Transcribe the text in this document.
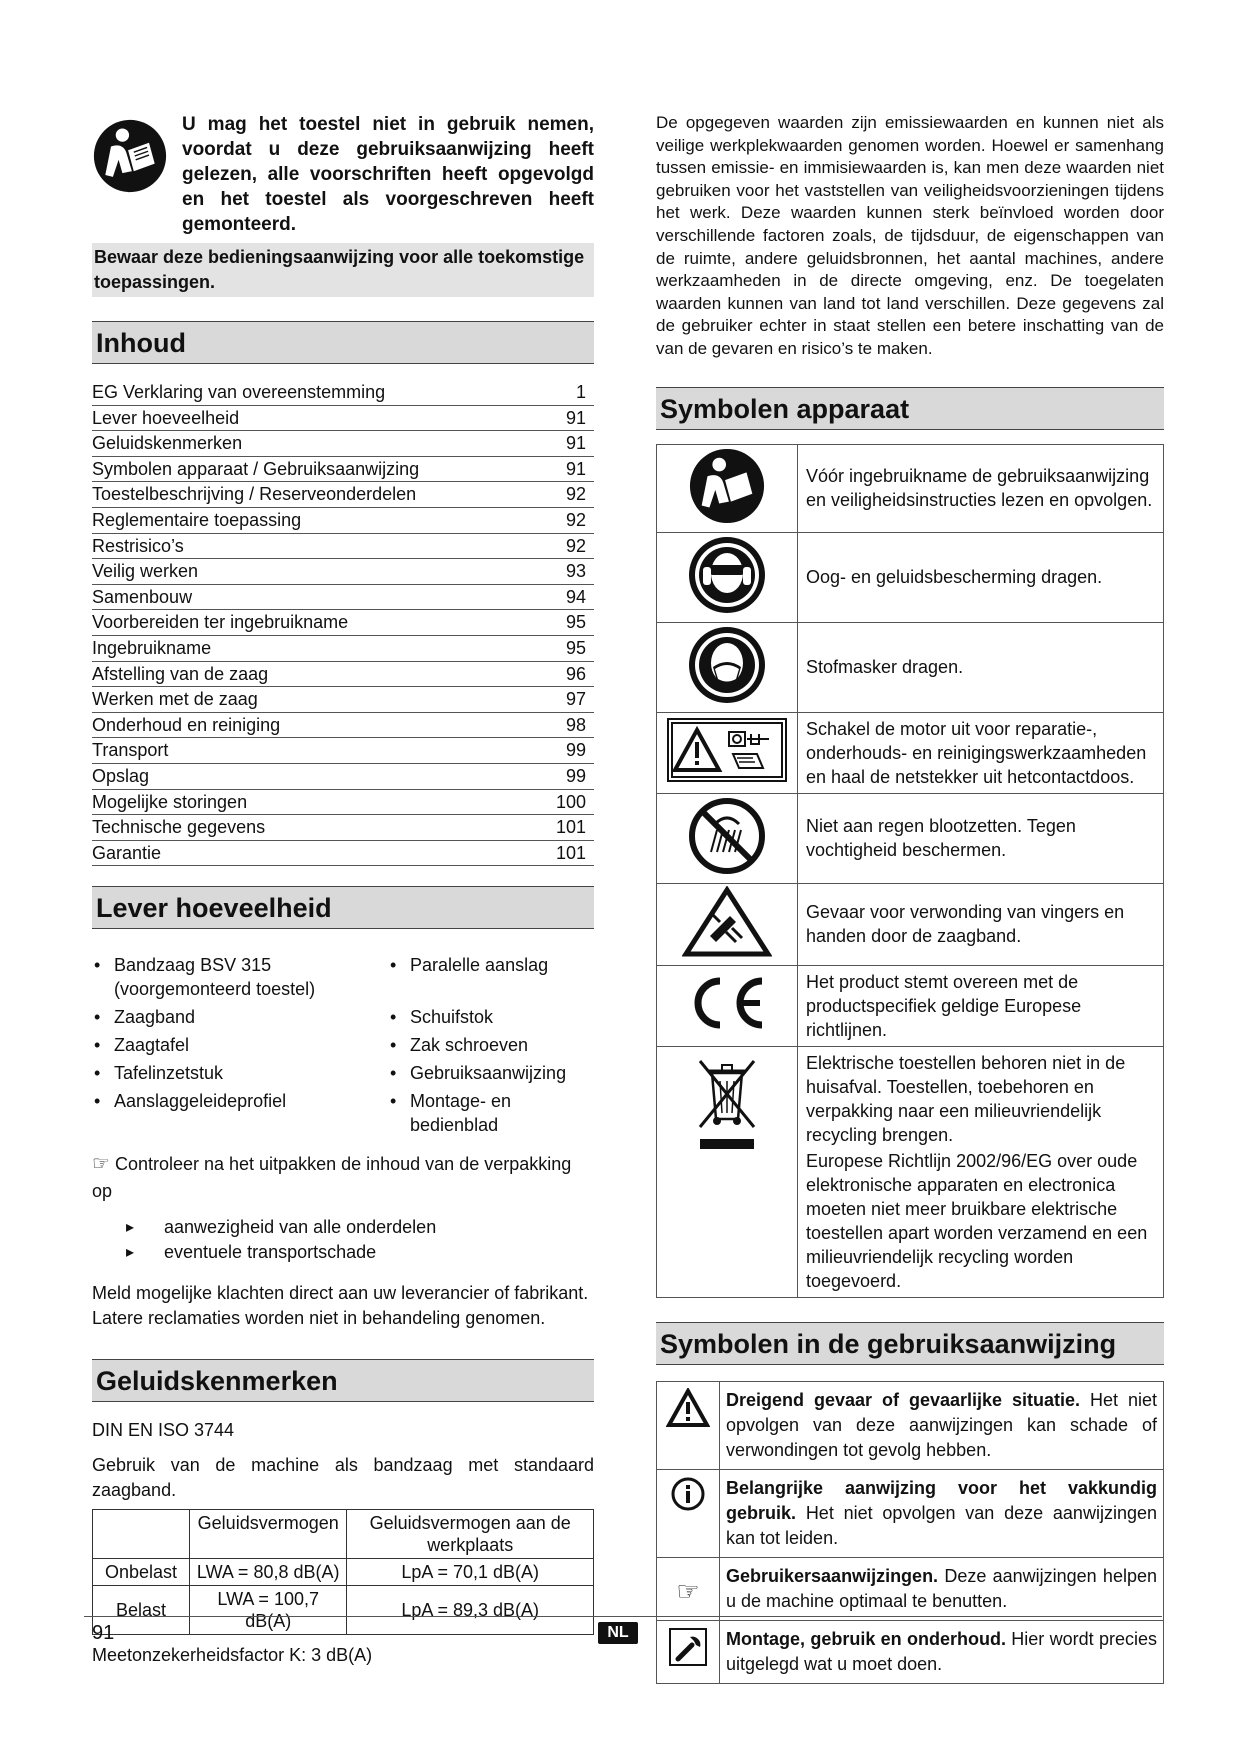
U mag het toestel niet in gebruik nemen, voordat u deze gebruiksaanwijzing heeft gelezen, alle voorschriften heeft opgevolgd en het toestel als voorgeschreven heeft gemonteerd.

Bewaar deze bedieningsaanwijzing voor alle toekomstige toepassingen.

Inhoud
EG Verklaring van overeenstemming	1
Lever hoeveelheid	91
Geluidskenmerken	91
Symbolen apparaat / Gebruiksaanwijzing	91
Toestelbeschrijving / Reserveonderdelen	92
Reglementaire toepassing	92
Restrisico’s	92
Veilig werken	93
Samenbouw	94
Voorbereiden ter ingebruikname	95
Ingebruikname	95
Afstelling van de zaag	96
Werken met de zaag	97
Onderhoud en reiniging	98
Transport	99
Opslag	99
Mogelijke storingen	100
Technische gegevens	101
Garantie	101
Lever hoeveelheid
• Bandzaag BSV 315 (voorgemonteerd toestel)
• Paralelle aanslag
• Zaagband	• Schuifstok
• Zaagtafel	• Zak schroeven
• Tafelinzetstuk	• Gebruiksaanwijzing
• Aanslaggeleideprofiel	• Montage- en bedienblad

☞ Controleer na het uitpakken de inhoud van de verpakking op

▸ aanwezigheid van alle onderdelen
▸ eventuele transportschade

Meld mogelijke klachten direct aan uw leverancier of fabrikant. Latere reclamaties worden niet in behandeling genomen.

Geluidskenmerken

DIN EN ISO 3744

Gebruik van de machine als bandzaag met standaard zaagband.

	Geluidsvermogen	Geluidsvermogen aan de werkplaats
Onbelast	LWA = 80,8 dB(A)	LpA = 70,1 dB(A)
Belast	LWA = 100,7 dB(A)	LpA = 89,3 dB(A)

Meetonzekerheidsfactor K: 3 dB(A)

De opgegeven waarden zijn emissiewaarden en kunnen niet als veilige werkplekwaarden genomen worden. Hoewel er samenhang tussen emissie- en immisiewaarden is, kan men deze waarden niet gebruiken voor het vaststellen van veiligheidsvoorzieningen tijdens het werk. Deze waarden kunnen sterk beïnvloed worden door verschillende factoren zoals, de tijdsduur, de eigenschappen van de ruimte, andere geluidsbronnen, het aantal machines, andere werkzaamheden in de directe omgeving, enz. De toegelaten waarden kunnen van land tot land verschillen. Deze gegevens zal de gebruiker echter in staat stellen een betere inschatting van de van de gevaren en risico’s te maken.

Symbolen apparaat
	Vóór ingebruikname de gebruiksaanwijzing en veiligheidsinstructies lezen en opvolgen.
	Oog- en geluidsbescherming dragen.
	Stofmasker dragen.
	Schakel de motor uit voor reparatie-, onderhouds- en reinigingswerkzaamheden en haal de netstekker uit hetcontactdoos.
	Niet aan regen blootzetten. Tegen vochtigheid beschermen.
	Gevaar voor verwonding van vingers en handen door de zaagband.
	Het product stemt overeen met de productspecifiek geldige Europese richtlijnen.

Elektrische toestellen behoren niet in de huisafval. Toestellen, toebehoren en verpakking naar een milieuvriendelijk recycling brengen.
Europese Richtlijn 2002/96/EG over oude elektronische apparaten en electronica moeten niet meer bruikbare elektrische toestellen apart worden verzamend en een milieuvriendelijk recycling worden toegevoerd.
Symbolen in de gebruiksaanwijzing
	Dreigend gevaar of gevaarlijke situatie. Het niet opvolgen van deze aanwijzingen kan schade of verwondingen tot gevolg hebben.
	Belangrijke aanwijzing voor het vakkundig gebruik. Het niet opvolgen van deze aanwijzingen kan tot leiden.
☞	Gebruikersaanwijzingen. Deze aanwijzingen helpen u de machine optimaal te benutten.
	Montage, gebruik en onderhoud. Hier wordt precies uitgelegd wat u moet doen.
91	NL
